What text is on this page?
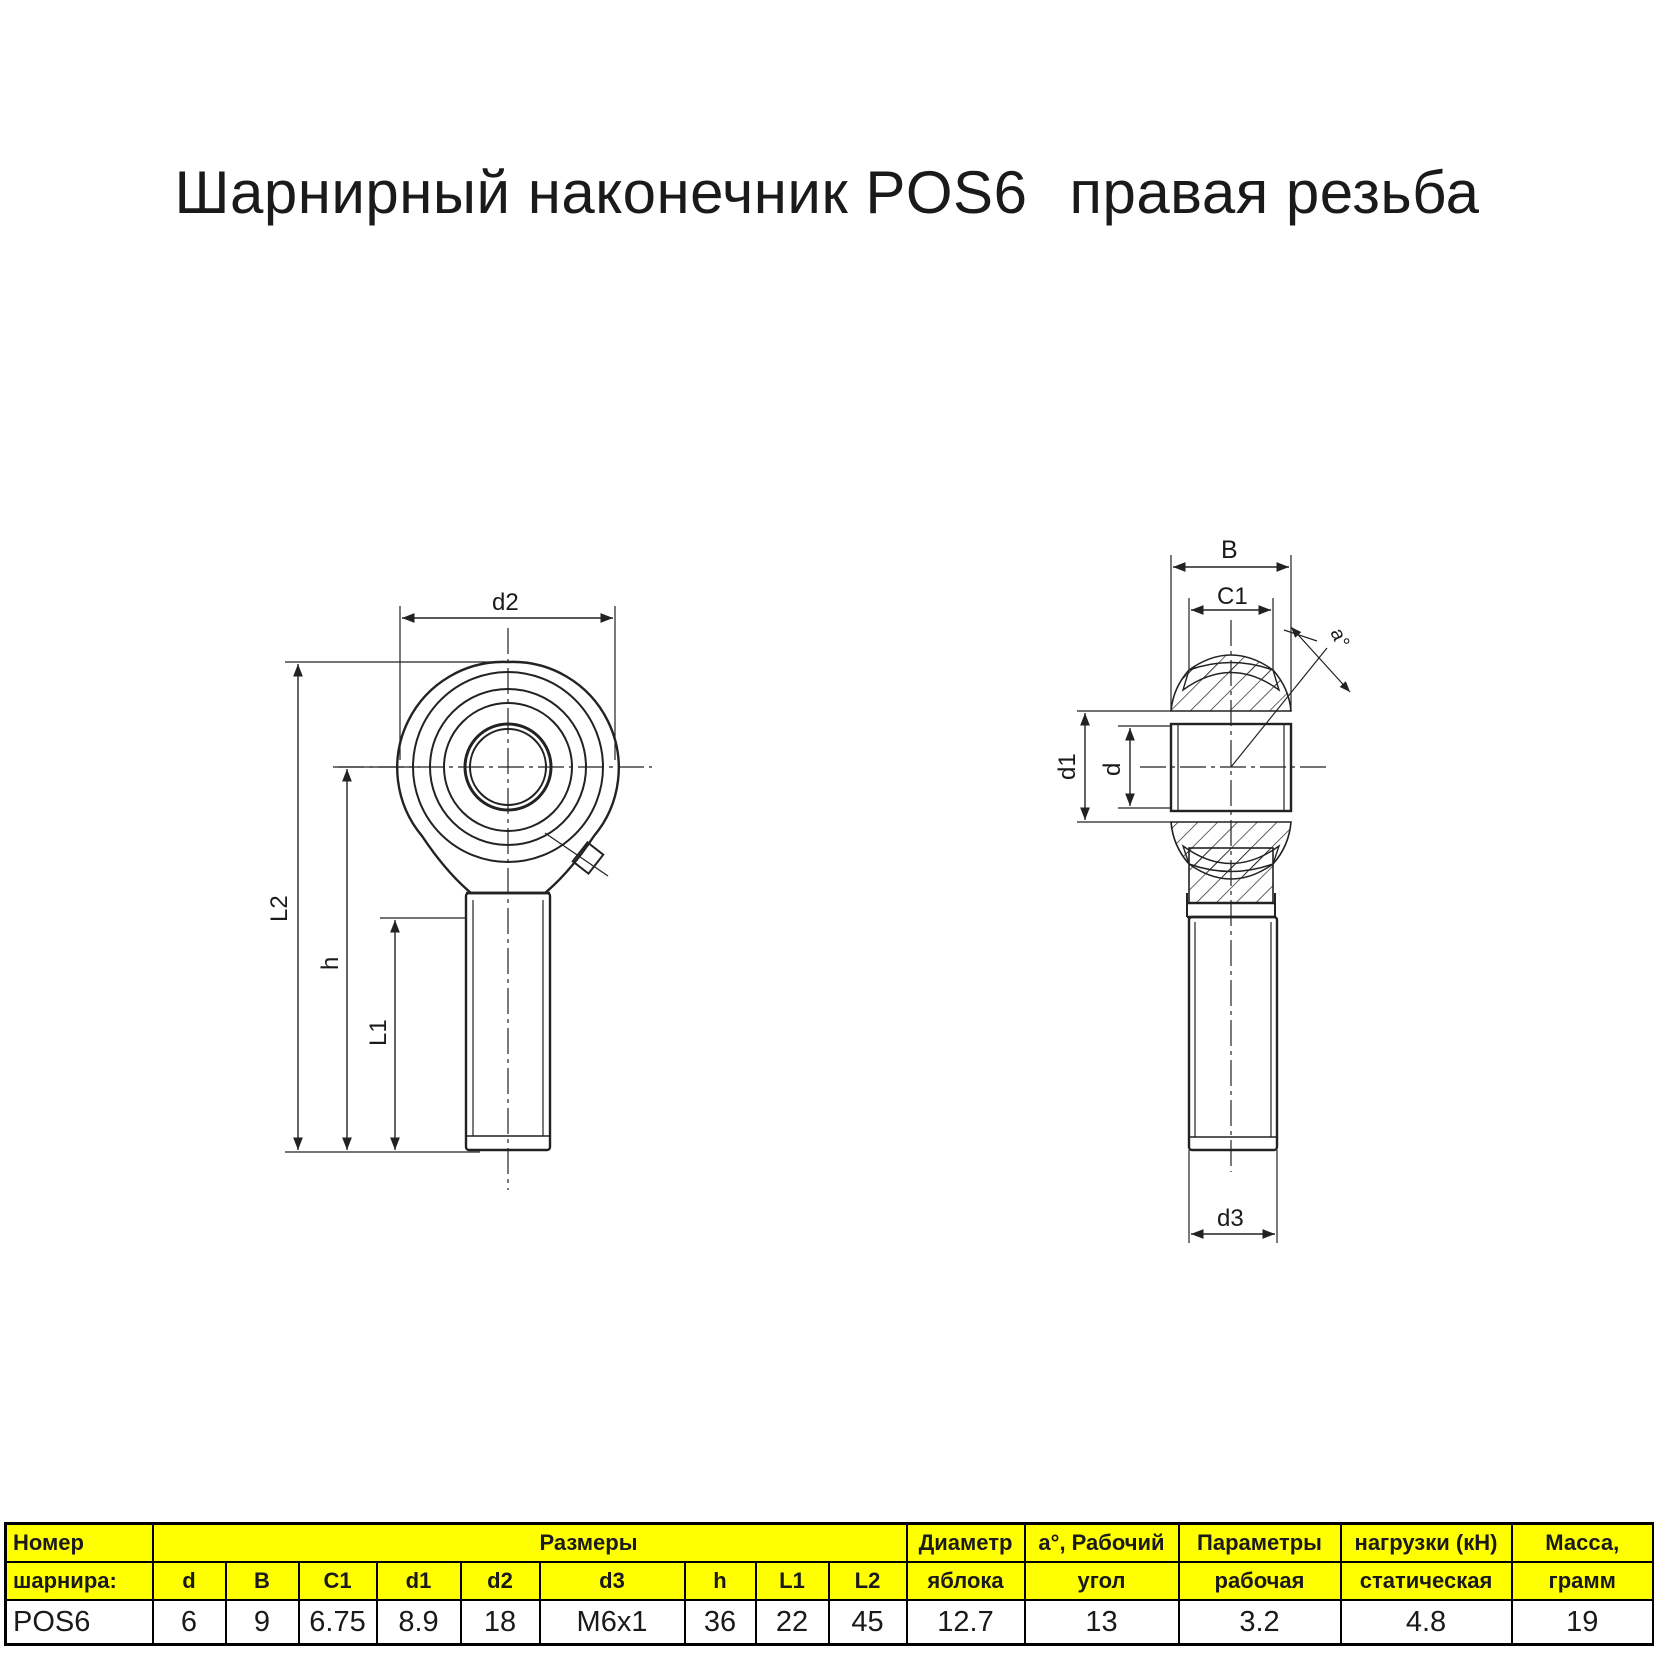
Шарнирный наконечник POS6 правая резьба
d2
L2
h
L1
B
C1
d1 d
d3
a°
Номер						Размеры				Диаметр	a°, Рабочий	Параметры	нагрузки (кН)	Масса,
шарнира:	d	B	C1	d1	d2	d3	h	L1	L2	яблока	угол	рабочая	статическая	грамм
POS6	6	9	6.75	8.9	18	M6x1	36	22	45	12.7	13	3.2	4.8	19
